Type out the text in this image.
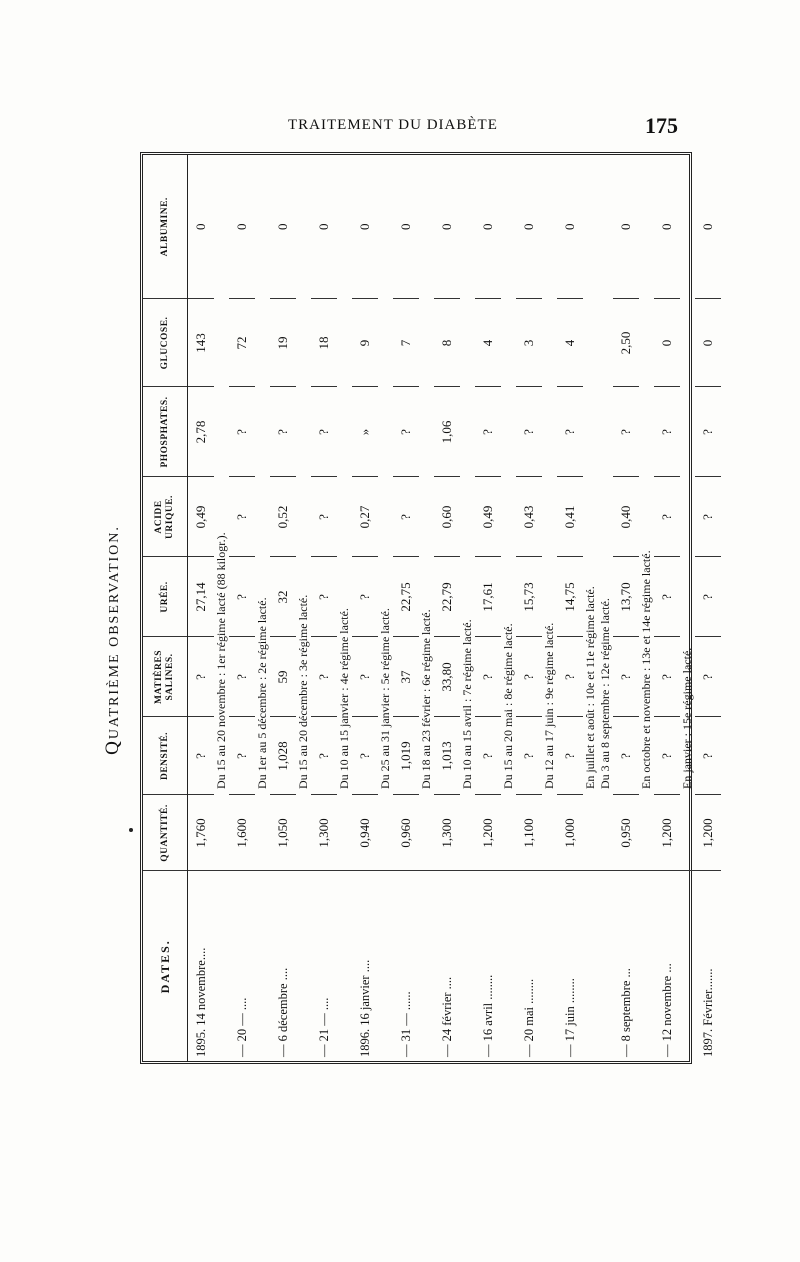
TRAITEMENT DU DIABÈTE	175
QUATRIÈME OBSERVATION.
DATES.	QUANTITÉ.	DENSITÉ.	MATIÈRES SALINES.	URÉE.	ACIDE URIQUE.	PHOSPHATES.	GLUCOSE.	ALBUMINE.
1895. 14 novembre....	1,760	?	?	27,14	0,49	2,78	143	0
		Du 15 au 20 novembre : 1er régime lacté (88 kilogr.).						
— 20 — ....	1,600	?	?	?	?	?	72	0
		Du 1er au 5 décembre : 2e régime lacté.						
— 6 décembre ....	1,050	1,028	59	32	0,52	?	19	0
		Du 15 au 20 décembre : 3e régime lacté.						
— 21 — ....	1,300	?	?	?	?	?	18	0
		Du 10 au 15 janvier : 4e régime lacté.						
1896. 16 janvier ....	0,940	?	?	?	0,27	»	9	0
		Du 25 au 31 janvier : 5e régime lacté.						
— 31 — ......	0,960	1,019	37	22,75	?	?	7	0
		Du 18 au 23 février : 6e régime lacté.						
— 24 février ....	1,300	1,013	33,80	22,79	0,60	1,06	8	0
		Du 10 au 15 avril : 7e régime lacté.						
— 16 avril ........	1,200	?	?	17,61	0,49	?	4	0
		Du 15 au 20 mai : 8e régime lacté.						
— 20 mai ........	1,100	?	?	15,73	0,43	?	3	0
		Du 12 au 17 juin : 9e régime lacté.						
— 17 juin ........	1,000	?	?	14,75	0,41	?	4	0
		En juillet et août : 10e et 11e régime lacté.						
		Du 3 au 8 septembre : 12e régime lacté.						
— 8 septembre ...	0,950	?	?	13,70	0,40	?	2,50	0
		En octobre et novembre : 13e et 14e régime lacté.						
— 12 novembre ...	1,200	?	?	?	?	?	0	0
		En janvier : 15e régime lacté.						
1897. Février.......	1,200	?	?	?	?	?	0	0
